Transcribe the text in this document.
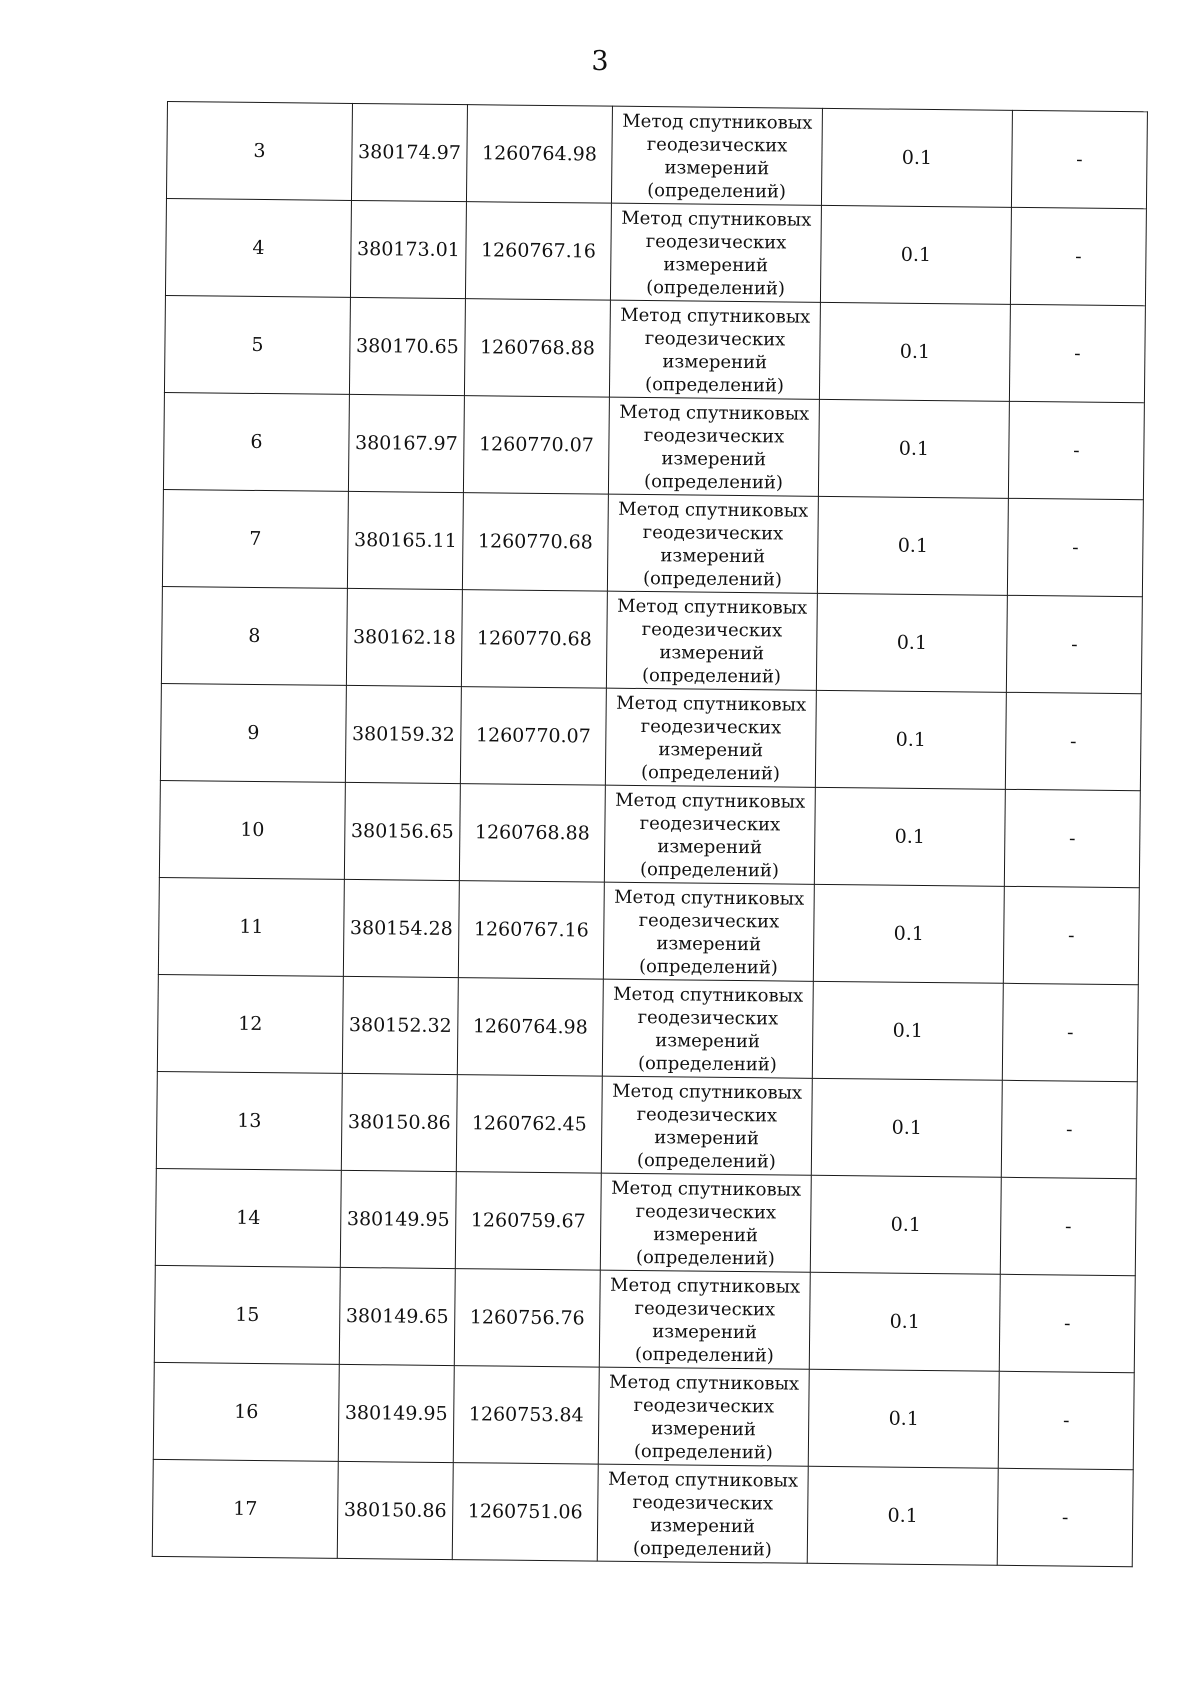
3
3	380174.97	1260764.98	Метод спутниковых
геодезических
измерений
(определений)	0.1	-
4	380173.01	1260767.16	Метод спутниковых
геодезических
измерений
(определений)	0.1	-
5	380170.65	1260768.88	Метод спутниковых
геодезических
измерений
(определений)	0.1	-
6	380167.97	1260770.07	Метод спутниковых
геодезических
измерений
(определений)	0.1	-
7	380165.11	1260770.68	Метод спутниковых
геодезических
измерений
(определений)	0.1	-
8	380162.18	1260770.68	Метод спутниковых
геодезических
измерений
(определений)	0.1	-
9	380159.32	1260770.07	Метод спутниковых
геодезических
измерений
(определений)	0.1	-
10	380156.65	1260768.88	Метод спутниковых
геодезических
измерений
(определений)	0.1	-
11	380154.28	1260767.16	Метод спутниковых
геодезических
измерений
(определений)	0.1	-
12	380152.32	1260764.98	Метод спутниковых
геодезических
измерений
(определений)	0.1	-
13	380150.86	1260762.45	Метод спутниковых
геодезических
измерений
(определений)	0.1	-
14	380149.95	1260759.67	Метод спутниковых
геодезических
измерений
(определений)	0.1	-
15	380149.65	1260756.76	Метод спутниковых
геодезических
измерений
(определений)	0.1	-
16	380149.95	1260753.84	Метод спутниковых
геодезических
измерений
(определений)	0.1	-
17	380150.86	1260751.06	Метод спутниковых
геодезических
измерений
(определений)	0.1	-
